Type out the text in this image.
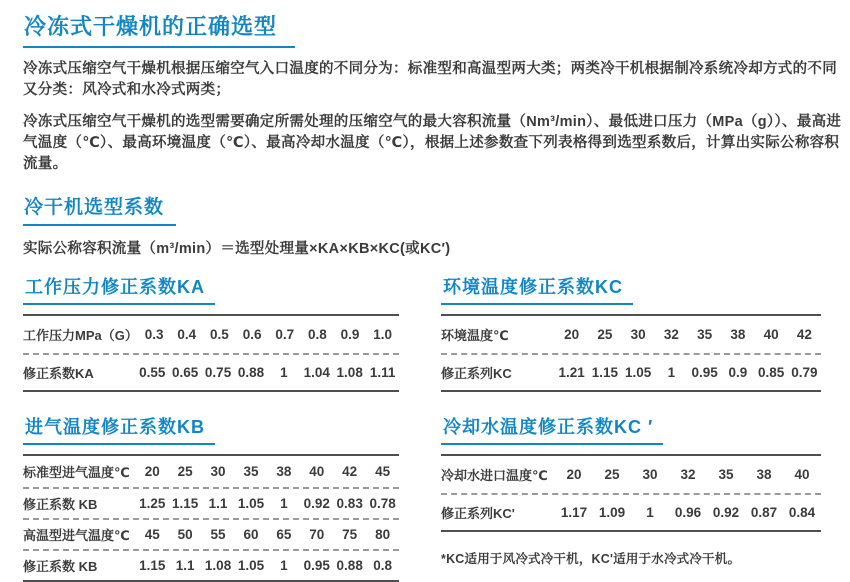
冷冻式干燥机的正确选型

冷冻式压缩空气干燥机根据压缩空气入口温度的不同分为：标准型和高温型两大类；两类冷干机根据制冷系统冷却方式的不同又分类：风冷式和水冷式两类；

冷冻式压缩空气干燥机的选型需要确定所需处理的压缩空气的最大容积流量（Nm³/min）、最低进口压力（MPa（g））、最高进气温度（℃）、最高环境温度（℃）、最高冷却水温度（℃），根据上述参数查下列表格得到选型系数后，计算出实际公称容积流量。

冷干机选型系数

实际公称容积流量（m³/min）＝选型处理量×KA×KB×KC(或KC′)

工作压力修正系数KA
工作压力MPa（G） 0.3	0.4	0.5	0.6	0.7	0.8	0.9	1.0
修正系数KA	0.55 0.65 0.75 0.88	1	1.04 1.08 1.11
环境温度修正系数KC
环境温度℃	20	25	30	32	35	38	40	42
修正系列KC	1.21 1.15 1.05	1	0.95 0.9 0.85 0.79
进气温度修正系数KB
标准型进气温度℃	20	25	30	35	38	40	42	45
修正系数 KB	1.25 1.15 1.1 1.05	1	0.92 0.83 0.78
高温型进气温度℃	45	50	55	60	65	70	75	80
修正系数 KB	1.15 1.1 1.08 1.05	1	0.95 0.88 0.8
冷却水温度修正系数KC ′
冷却水进口温度℃	20	25	30	32	35	38	40
修正系列KC'	1.17 1.09	1	0.96 0.92 0.87 0.84

*KC适用于风冷式冷干机，KC'适用于水冷式冷干机。
